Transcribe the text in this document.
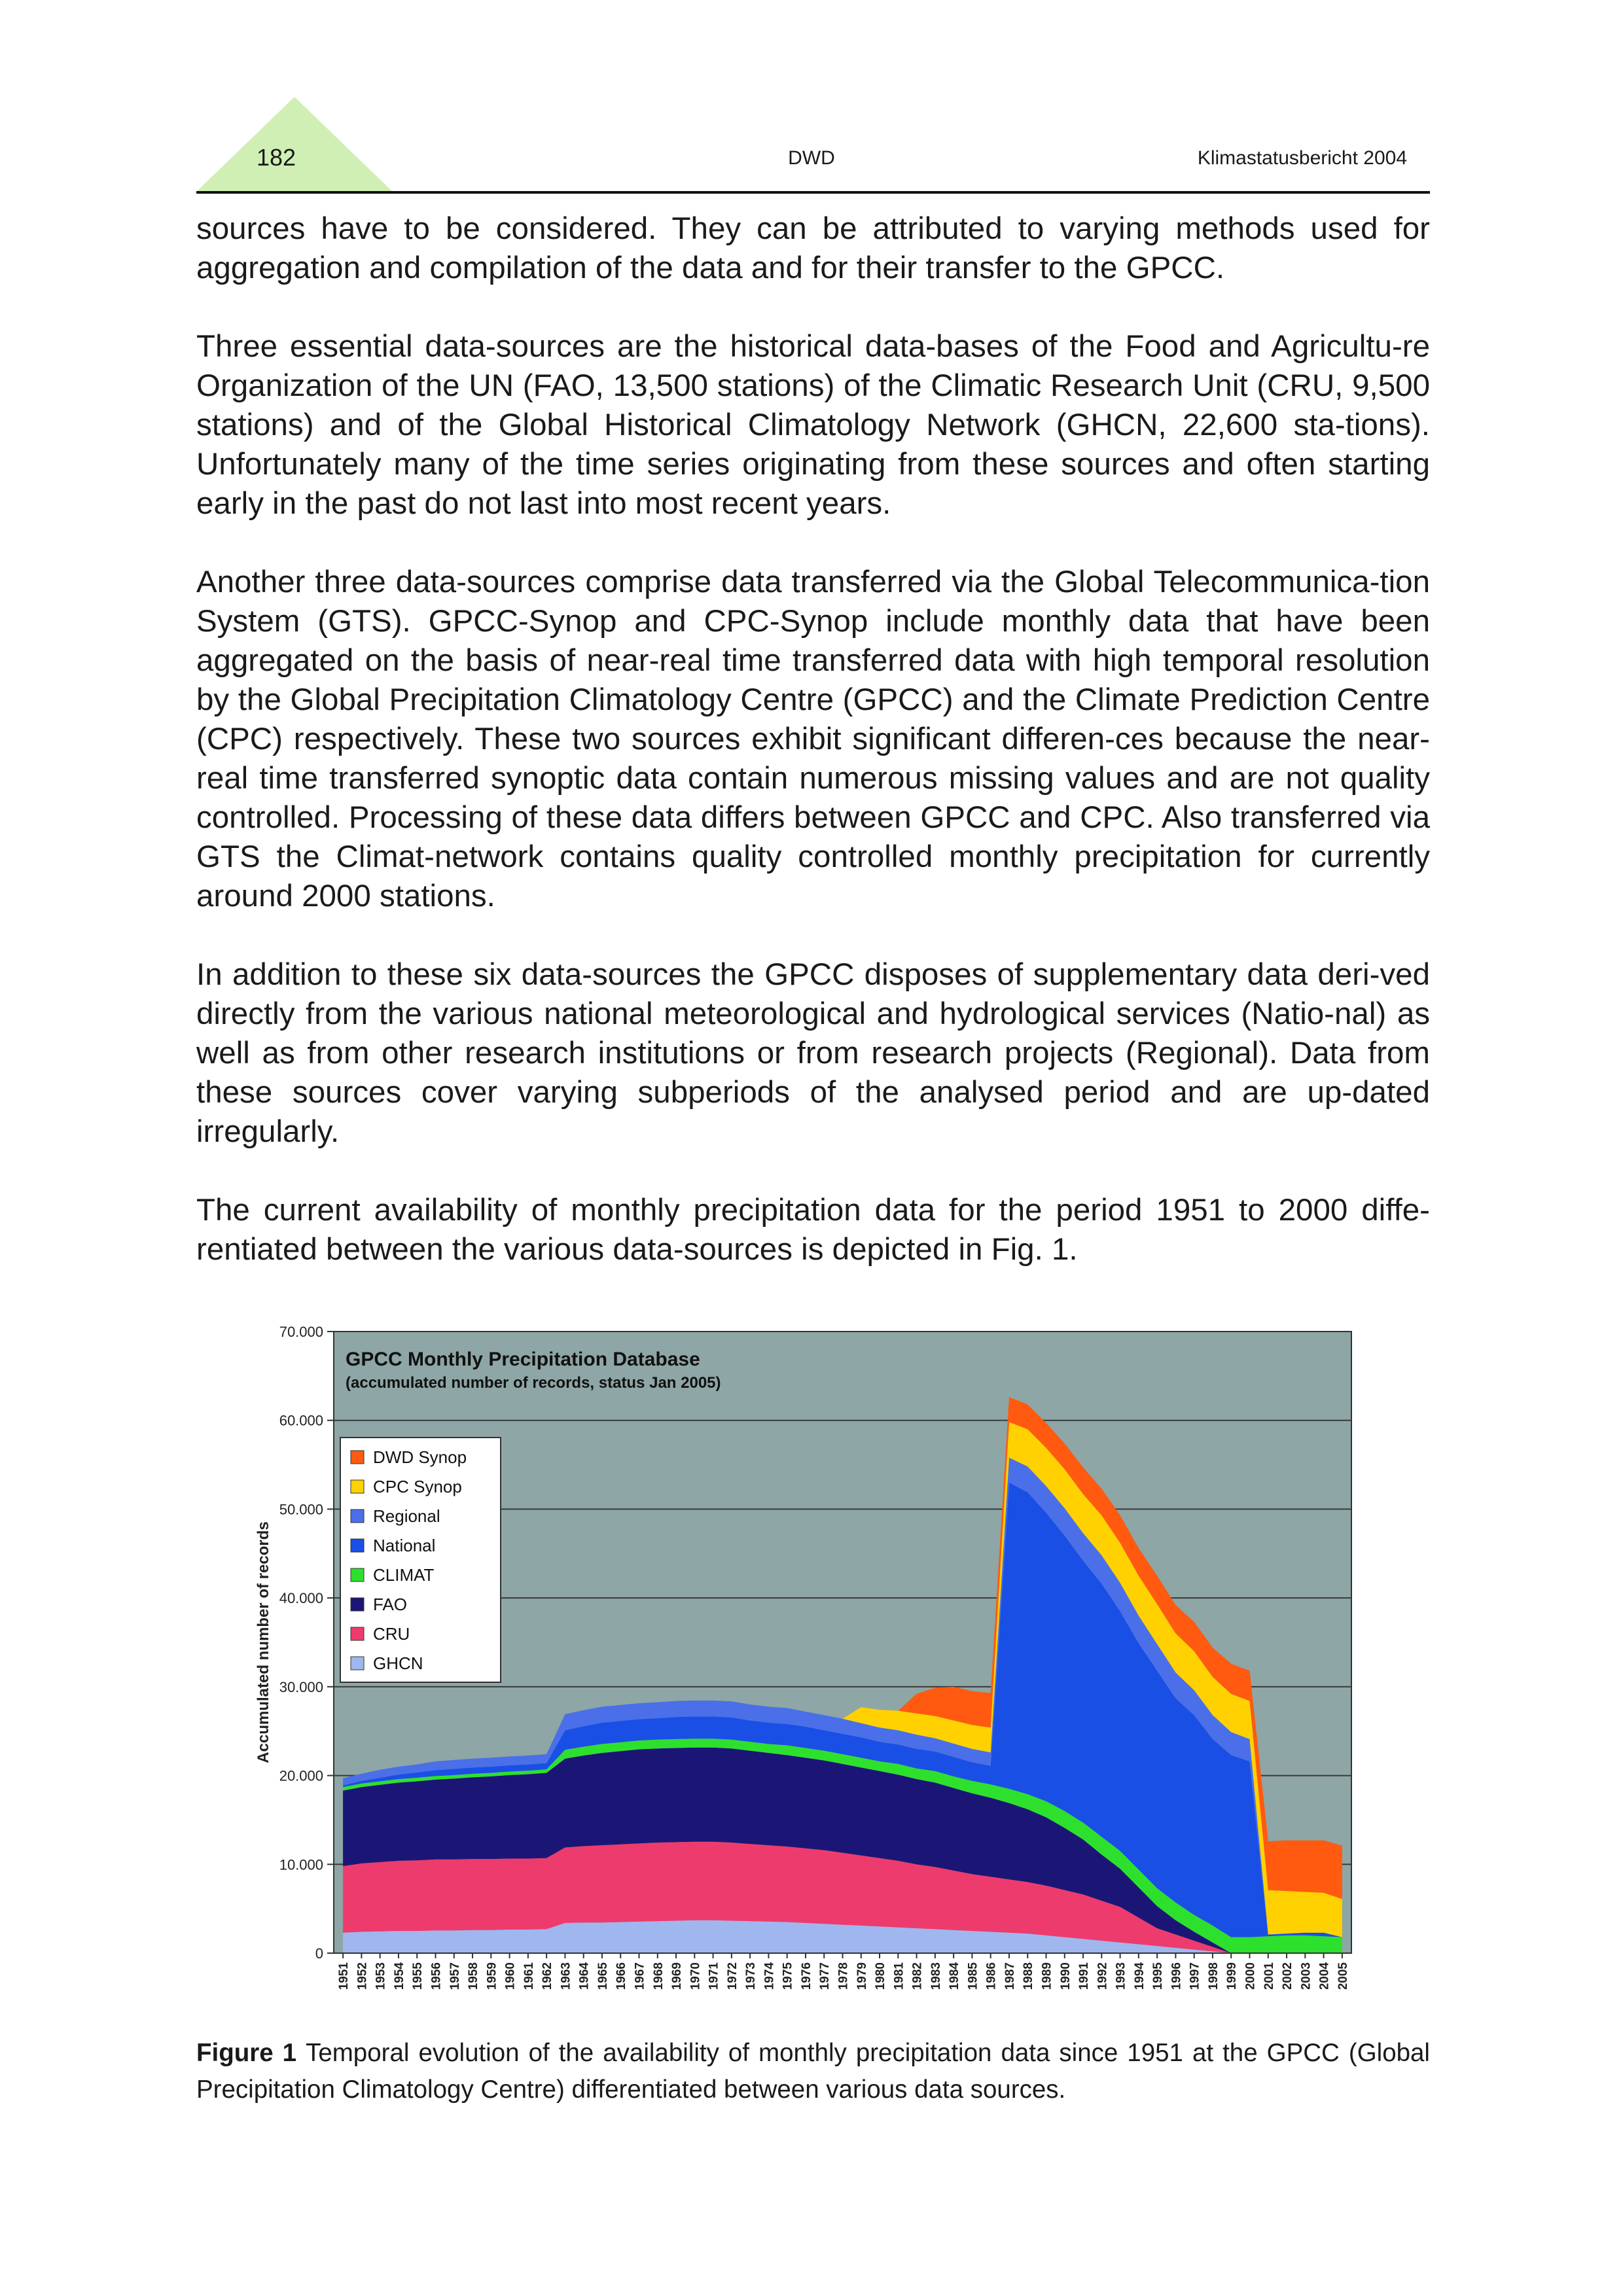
182	DWD	Klimastatusbericht 2004

sources have to be considered. They can be attributed to varying methods used for aggregation and compilation of the data and for their transfer to the GPCC.

Three essential data-sources are the historical data-bases of the Food and Agricultu-re Organization of the UN (FAO, 13,500 stations) of the Climatic Research Unit (CRU, 9,500 stations) and of the Global Historical Climatology Network (GHCN, 22,600 sta-tions). Unfortunately many of the time series originating from these sources and often starting early in the past do not last into most recent years.

Another three data-sources comprise data transferred via the Global Telecommunica-tion System (GTS). GPCC-Synop and CPC-Synop include monthly data that have been aggregated on the basis of near-real time transferred data with high temporal resolution by the Global Precipitation Climatology Centre (GPCC) and the Climate Prediction Centre (CPC) respectively. These two sources exhibit significant differen-ces because the near-real time transferred synoptic data contain numerous missing values and are not quality controlled. Processing of these data differs between GPCC and CPC. Also transferred via GTS the Climat-network contains quality controlled monthly precipitation for currently around 2000 stations.

In addition to these six data-sources the GPCC disposes of supplementary data deri-ved directly from the various national meteorological and hydrological services (Natio-nal) as well as from other research institutions or from research projects (Regional). Data from these sources cover varying subperiods of the analysed period and are up-dated irregularly.

The current availability of monthly precipitation data for the period 1951 to 2000 diffe-rentiated between the various data-sources is depicted in Fig. 1.

0
10.000
20.000
30.000
40.000
50.000
60.000
70.000
1951 1952 1953 1954 1955 1956 1957 1958 1959 1960 1961 1962 1963 1964 1965 1966 1967 1968 1969 1970 1971 1972 1973 1974 1975 1976 1977 1978 1979 1980 1981 1982 1983 1984 1985 1986 1987 1988 1989 1990 1991 1992 1993 1994 1995 1996 1997 1998 1999 2000 2001 2002 2003 2004 2005
Accumulated number of records
GPCC Monthly Precipitation Database
(accumulated number of records, status Jan 2005)
DWD Synop
CPC Synop
Regional
National
CLIMAT
FAO
CRU
GHCN
Figure 1 Temporal evolution of the availability of monthly precipitation data since 1951 at the GPCC (Global Precipitation Climatology Centre) differentiated between various data sources.
